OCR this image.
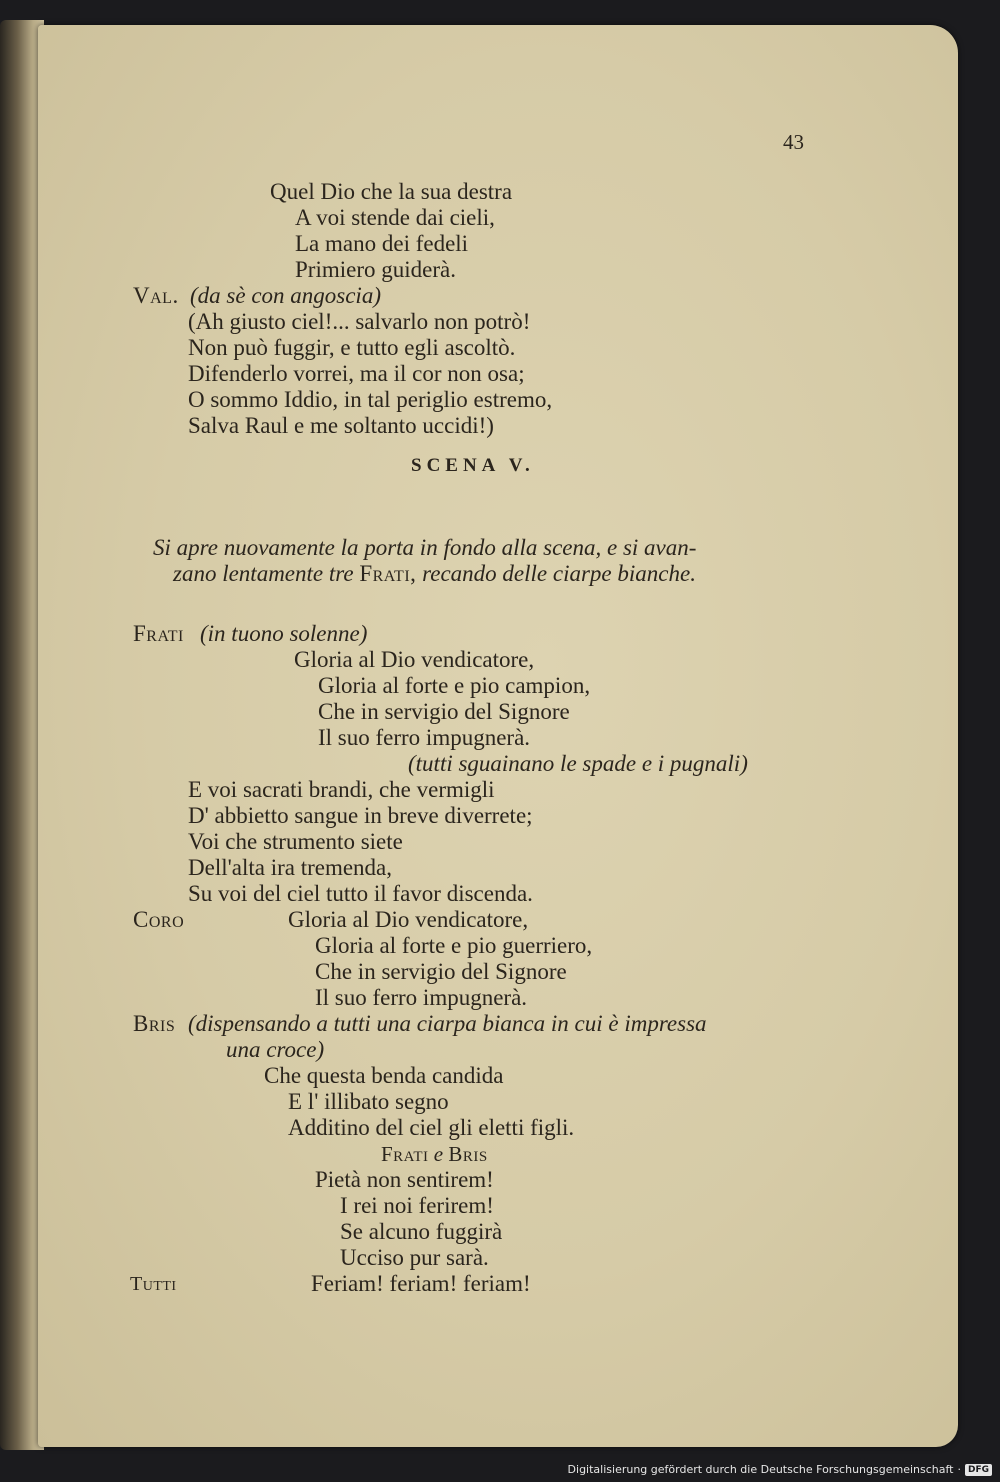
43
Quel Dio che la sua destra
A voi stende dai cieli,
La mano dei fedeli
Primiero guiderà.
Val. (da sè con angoscia)
(Ah giusto ciel!... salvarlo non potrò!
Non può fuggir, e tutto egli ascoltò.
Difenderlo vorrei, ma il cor non osa;
O sommo Iddio, in tal periglio estremo,
Salva Raul e me soltanto uccidi!)
SCENA V.
Si apre nuovamente la porta in fondo alla scena, e si avan-
zano lentamente tre Frati, recando delle ciarpe bianche.
Frati (in tuono solenne)
Gloria al Dio vendicatore,
Gloria al forte e pio campion,
Che in servigio del Signore
Il suo ferro impugnerà.
(tutti sguainano le spade e i pugnali)
E voi sacrati brandi, che vermigli
D' abbietto sangue in breve diverrete;
Voi che strumento siete
Dell'alta ira tremenda,
Su voi del ciel tutto il favor discenda.
Coro	Gloria al Dio vendicatore,
Gloria al forte e pio guerriero,
Che in servigio del Signore
Il suo ferro impugnerà.
Bris (dispensando a tutti una ciarpa bianca in cui è impressa
una croce)
Che questa benda candida
E l' illibato segno
Additino del ciel gli eletti figli.
Frati e Bris
Pietà non sentirem!
I rei noi ferirem!
Se alcuno fuggirà
Ucciso pur sarà.
Tutti	Feriam! feriam! feriam!
Digitalisierung gefördert durch die Deutsche Forschungsgemeinschaft · DFG
